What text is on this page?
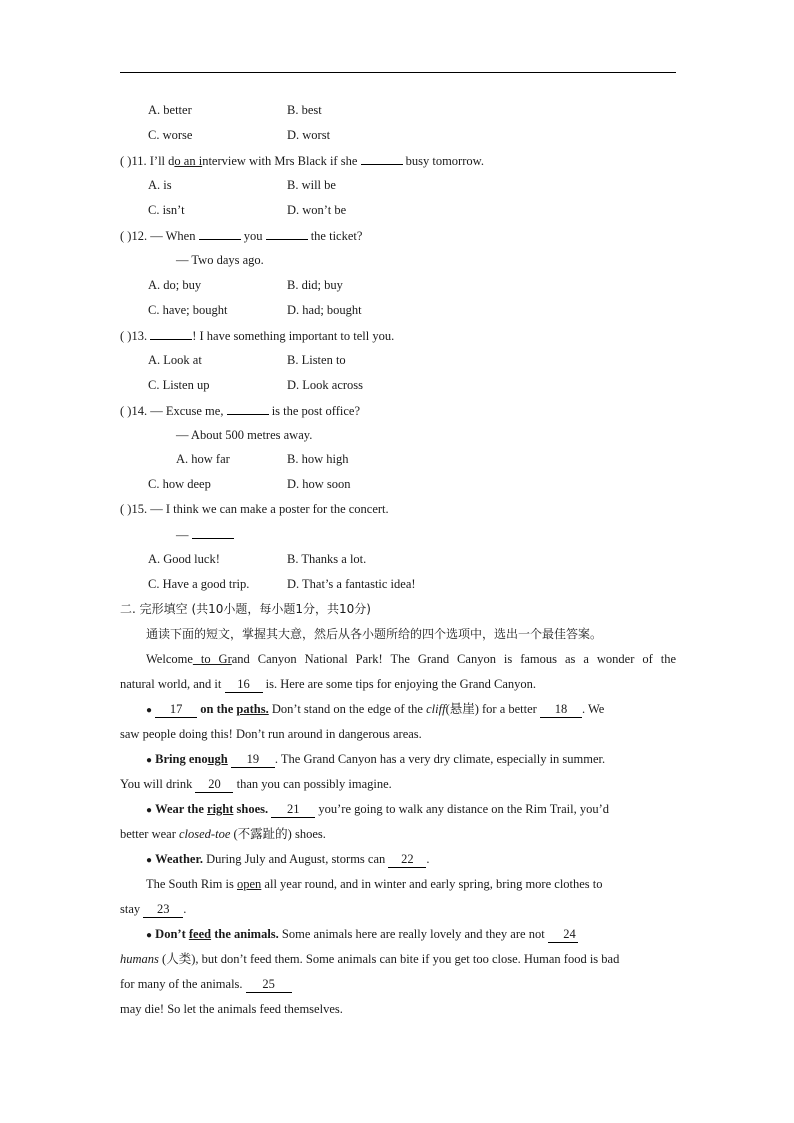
A. better	B. best
C. worse	D. worst
( )11. I’ll do an interview with Mrs Black if she	busy tomorrow.
A. is	B. will be
C. isn’t	D. won’t be
( )12. — When	you	the ticket?
— Two days ago.
A. do; buy	B. did; buy
C. have; bought	D. had; bought
( )13.	! I have something important to tell you.
A. Look at	B. Listen to
C. Listen up	D. Look across
( )14. — Excuse me,	is the post office?
— About 500 metres away.
A. how far	B. how high
C. how deep	D. how soon
( )15. — I think we can make a poster for the concert.
—
A. Good luck!	B. Thanks a lot.
C. Have a good trip.	D. That’s a fantastic idea!
二. 完形填空 (共10小题，每小题1分，共10分)
通读下面的短文，掌握其大意，然后从各小题所给的四个选项中，选出一个最佳答案。
Welcome to Grand Canyon National Park! The Grand Canyon is famous as a wonder of the
natural world, and it 16 is. Here are some tips for enjoying the Grand Canyon.
● 17 on the paths. Don’t stand on the edge of the cliff(悬崖) for a better 18 . We
saw people doing this! Don’t run around in dangerous areas.
● Bring enough 19 . The Grand Canyon has a very dry climate, especially in summer.
You will drink 20 than you can possibly imagine.
● Wear the right shoes. 21 you’re going to walk any distance on the Rim Trail, you’d
better wear closed-toe (不露趾的) shoes.
● Weather. During July and August, storms can 22 .
The South Rim is open all year round, and in winter and early spring, bring more clothes to
stay 23 .
● Don’t feed the animals. Some animals here are really lovely and they are not 24
humans (人类), but don’t feed them. Some animals can bite if you get too close. Human food is bad
for many of the animals. 25
may die! So let the animals feed themselves.
